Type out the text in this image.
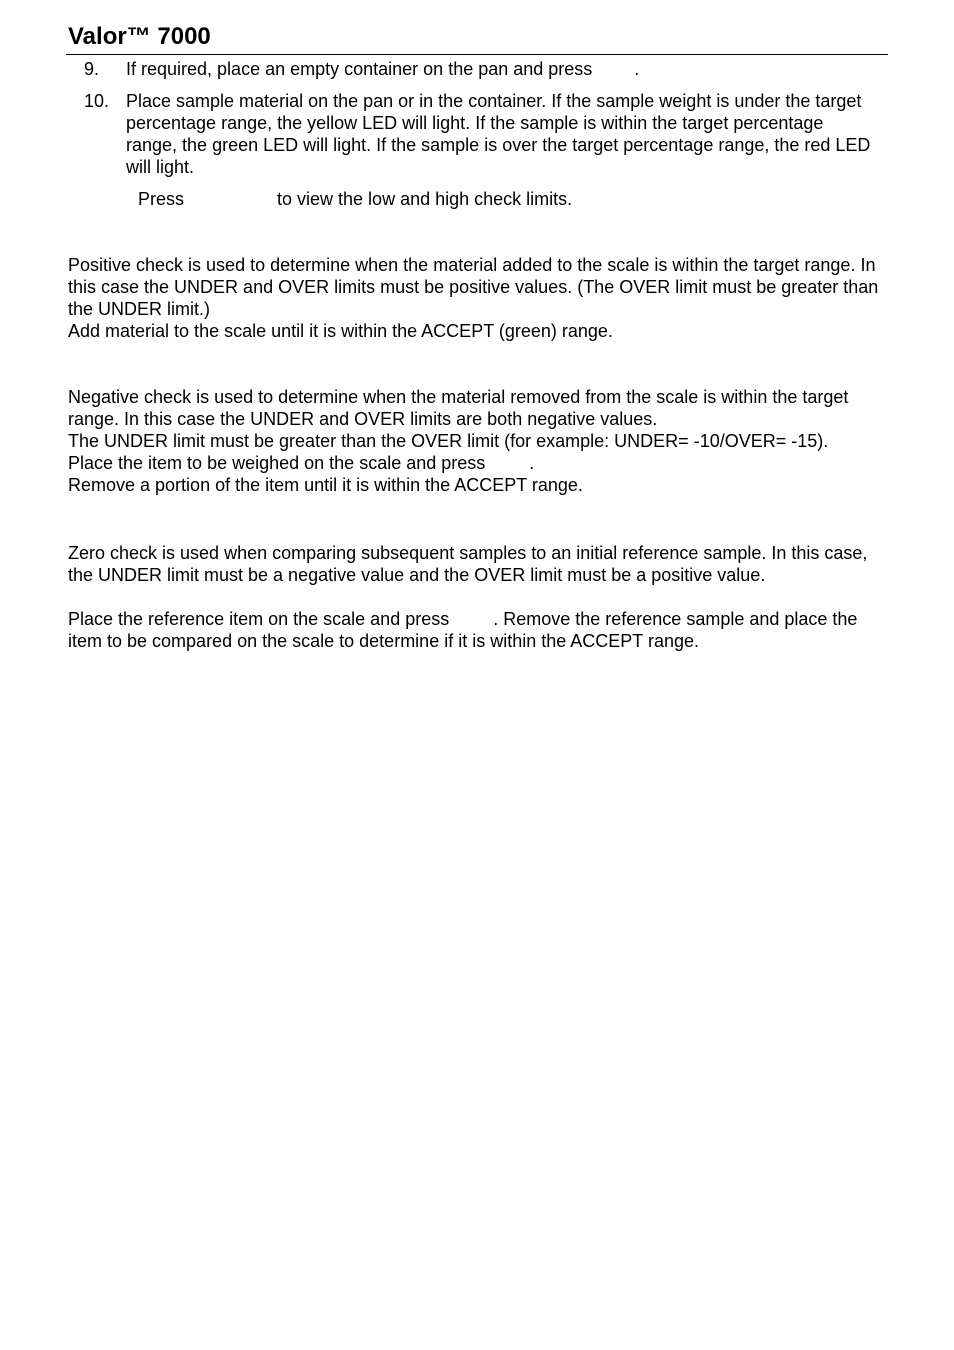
Valor™ 7000
9. If required, place an empty container on the pan and press .
10. Place sample material on the pan or in the container. If the sample weight is under the target percentage range, the yellow LED will light. If the sample is within the target percentage range, the green LED will light. If the sample is over the target percentage range, the red LED will light.
Press	to view the low and high check limits.

Positive check is used to determine when the material added to the scale is within the target range. In this case the UNDER and OVER limits must be positive values. (The OVER limit must be greater than the UNDER limit.)

Add material to the scale until it is within the ACCEPT (green) range.

Negative check is used to determine when the material removed from the scale is within the target range. In this case the UNDER and OVER limits are both negative values.

The UNDER limit must be greater than the OVER limit (for example: UNDER= -10/OVER= -15).

Place the item to be weighed on the scale and press .

Remove a portion of the item until it is within the ACCEPT range.

Zero check is used when comparing subsequent samples to an initial reference sample. In this case, the UNDER limit must be a negative value and the OVER limit must be a positive value.

Place the reference item on the scale and press . Remove the reference sample and place the item to be compared on the scale to determine if it is within the ACCEPT range.
